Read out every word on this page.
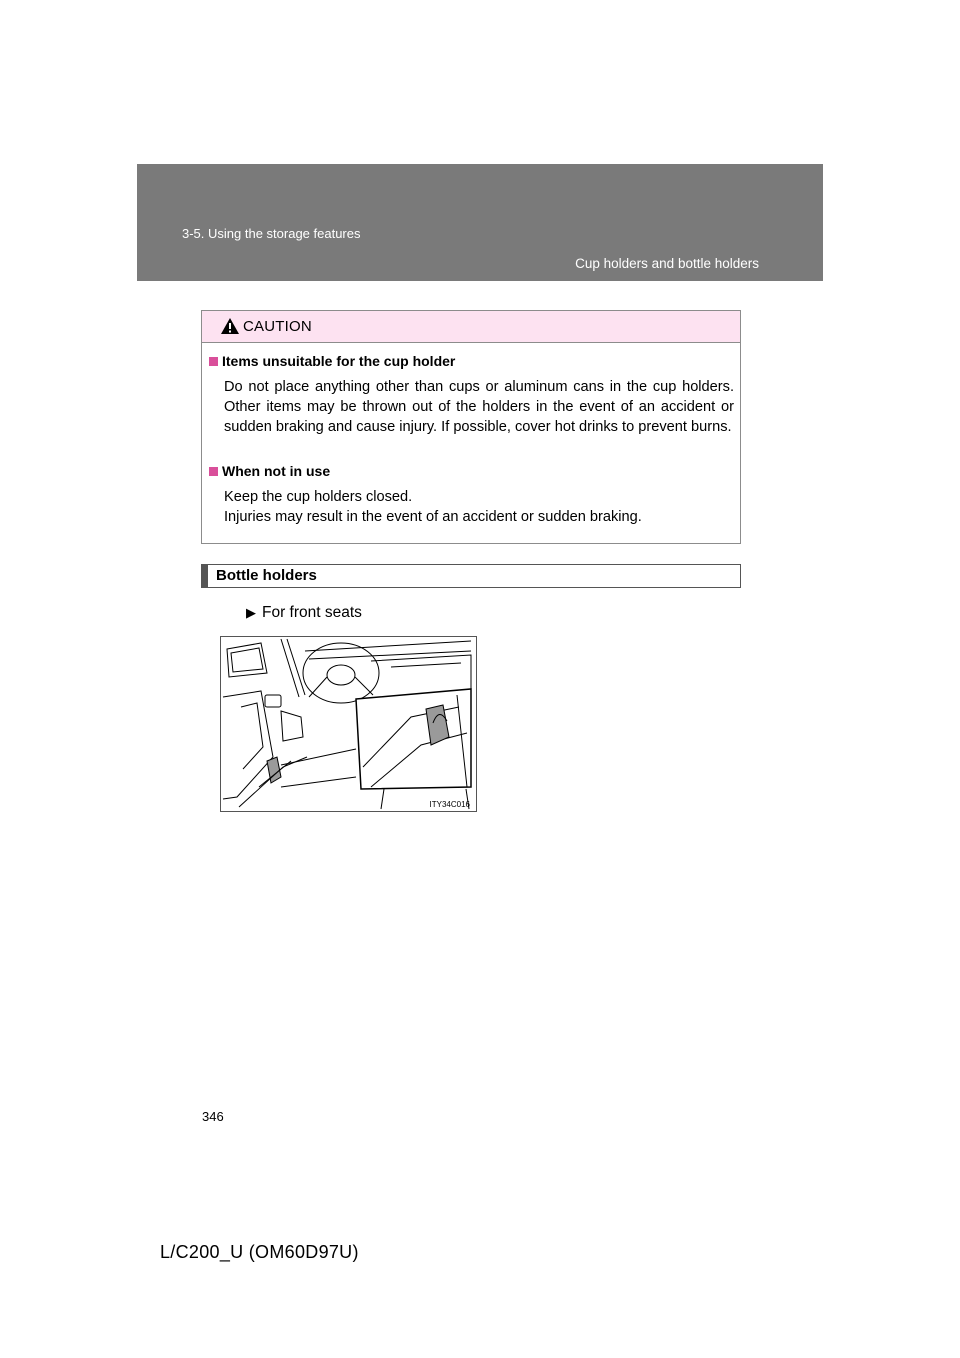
3-5. Using the storage features
Cup holders and bottle holders
CAUTION
Items unsuitable for the cup holder

Do not place anything other than cups or aluminum cans in the cup holders. Other items may be thrown out of the holders in the event of an accident or sudden braking and cause injury. If possible, cover hot drinks to prevent burns.

When not in use

Keep the cup holders closed.

Injuries may result in the event of an accident or sudden braking.

Bottle holders
▶ For front seats
ITY34C016
346
L/C200_U (OM60D97U)
